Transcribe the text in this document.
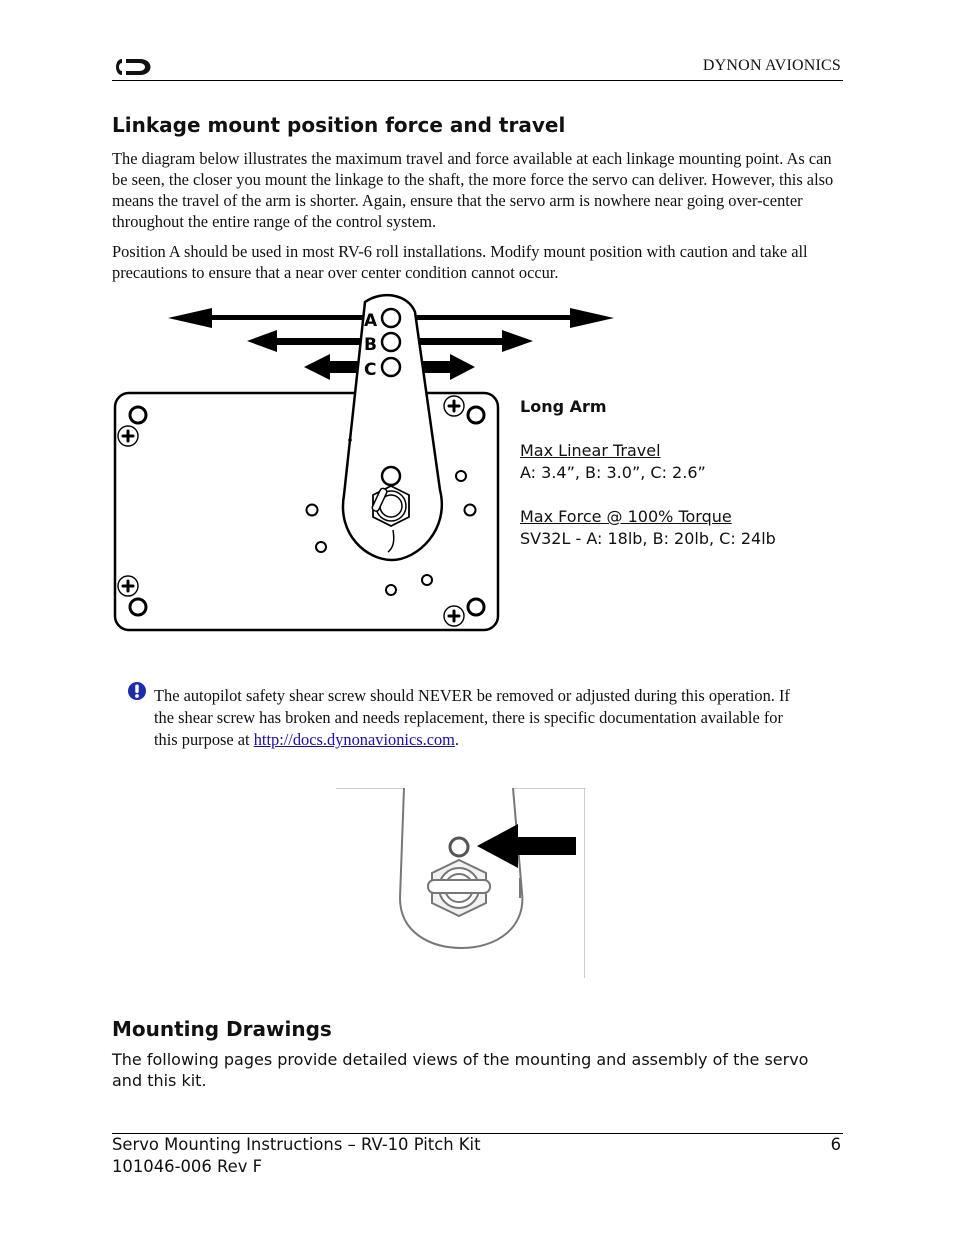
DYNON AVIONICS
Linkage mount position force and travel

The diagram below illustrates the maximum travel and force available at each linkage mounting point. As can be seen, the closer you mount the linkage to the shaft, the more force the servo can deliver. However, this also means the travel of the arm is shorter. Again, ensure that the servo arm is nowhere near going over-center throughout the entire range of the control system.

Position A should be used in most RV-6 roll installations. Modify mount position with caution and take all precautions to ensure that a near over center condition cannot occur.

A
B
C
Long Arm

Max Linear Travel
A: 3.4”, B: 3.0”, C: 2.6”

Max Force @ 100% Torque
SV32L - A: 18lb, B: 20lb, C: 24lb
The autopilot safety shear screw should NEVER be removed or adjusted during this operation. If the shear screw has broken and needs replacement, there is specific documentation available for this purpose at http://docs.dynonavionics.com.
Mounting Drawings

The following pages provide detailed views of the mounting and assembly of the servo and this kit.

Servo Mounting Instructions – RV-10 Pitch Kit
101046-006 Rev F
6
